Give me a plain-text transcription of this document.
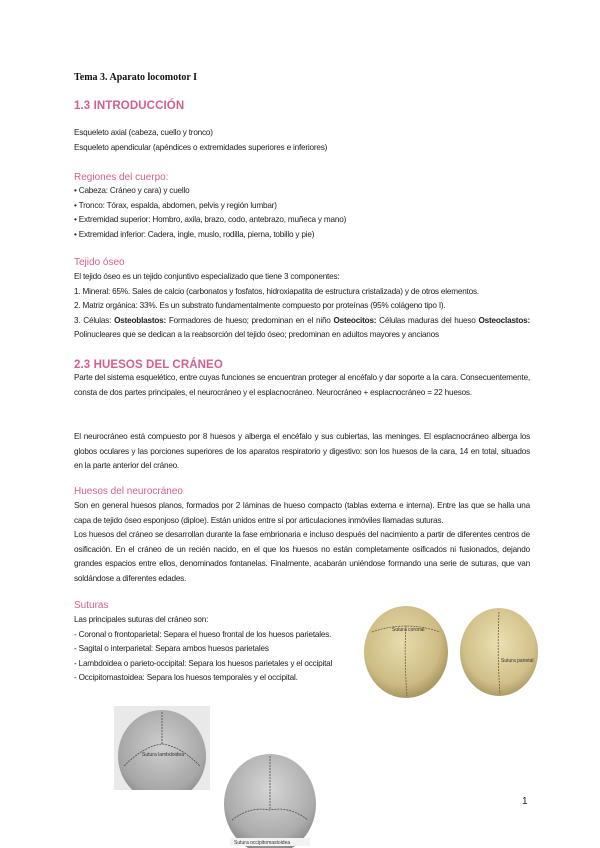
Tema 3. Aparato locomotor I
1.3 INTRODUCCIÓN

Esqueleto axial (cabeza, cuello y tronco)

Esqueleto apendicular (apéndices o extremidades superiores e inferiores)

Regiones del cuerpo:

• Cabeza: Cráneo y cara) y cuello

• Tronco: Tórax, espalda, abdomen, pelvis y región lumbar)

• Extremidad superior: Hombro, axila, brazo, codo, antebrazo, muñeca y mano)

• Extremidad inferior: Cadera, ingle, muslo, rodilla, pierna, tobillo y pie)

Tejido óseo

El tejido óseo es un tejido conjuntivo especializado que tiene 3 componentes:

1. Mineral: 65%. Sales de calcio (carbonatos y fosfatos, hidroxiapatita de estructura cristalizada) y de otros elementos.

2. Matriz orgánica: 33%. Es un substrato fundamentalmente compuesto por proteínas (95% colágeno tipo I).

3. Células: Osteoblastos: Formadores de hueso; predominan en el niño Osteocitos: Células maduras del hueso Osteoclastos: Polinucleares que se dedican a la reabsorción del tejido óseo; predominan en adultos mayores y ancianos

2.3 HUESOS DEL CRÁNEO
Parte del sistema esquelético, entre cuyas funciones se encuentran proteger al encéfalo y dar soporte a la cara. Consecuentemente, consta de dos partes principales, el neurocráneo y el esplacnocráneo. Neurocráneo + esplacnocráneo = 22 huesos.
El neurocráneo está compuesto por 8 huesos y alberga el encéfalo y sus cubiertas, las meninges. El esplacnocráneo alberga los globos oculares y las porciones superiores de los aparatos respiratorio y digestivo: son los huesos de la cara, 14 en total, situados en la parte anterior del cráneo.
Huesos del neurocráneo
Son en general huesos planos, formados por 2 láminas de hueso compacto (tablas externa e interna). Entre las que se halla una capa de tejido óseo esponjoso (diploe). Están unidos entre sí por articulaciones inmóviles llamadas suturas.
Los huesos del cráneo se desarrollan durante la fase embrionaria e incluso después del nacimiento a partir de diferentes centros de osificación. En el cráneo de un recién nacido, en el que los huesos no están completamente osificados ni fusionados, dejando grandes espacios entre ellos, denominados fontanelas. Finalmente, acabarán uniéndose formando una serie de suturas, que van soldándose a diferentes edades.
Suturas

Las principales suturas del cráneo son:

- Coronal o frontoparietal: Separa el hueso frontal de los huesos parietales.

- Sagital o interparietal: Separa ambos huesos parietales

- Lambdoidea o parieto-occipital: Separa los huesos parietales y el occipital

- Occipitomastoidea: Separa los huesos temporales y el occipital.

Sutura coronal
Sutura parietal
Sutura lambdoidea
Sutura occipitomastoidea
1
